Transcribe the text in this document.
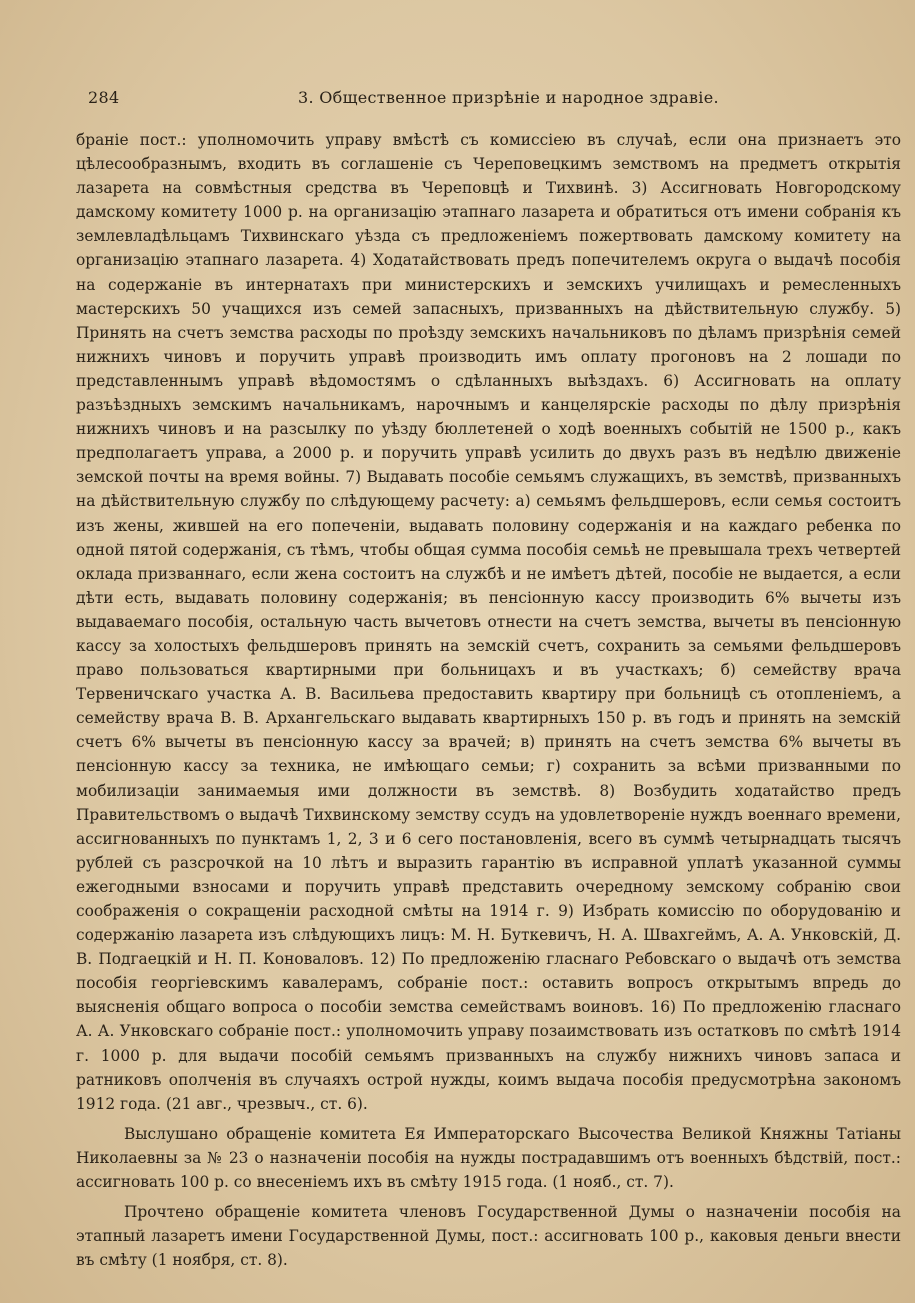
284	3. Общественное призрѣніе и народное здравіе.

браніе пост.: уполномочить управу вмѣстѣ съ комиссіею въ случаѣ, если она признаетъ это цѣлесообразнымъ, входить въ соглашеніе съ Череповецкимъ земствомъ на предметъ открытія лазарета на совмѣстныя средства въ Череповцѣ и Тихвинѣ. 3) Ассигновать Новгородскому дамскому комитету 1000 р. на организацію этапнаго лазарета и обратиться отъ имени собранія къ землевладѣльцамъ Тихвинскаго уѣзда съ предложеніемъ пожертвовать дамскому комитету на организацію этапнаго лазарета. 4) Ходатайствовать предъ попечителемъ округа о выдачѣ пособія на содержаніе въ интернатахъ при министерскихъ и земскихъ училищахъ и ремесленныхъ мастерскихъ 50 учащихся изъ семей запасныхъ, призванныхъ на дѣйствительную службу. 5) Принять на счетъ земства расходы по проѣзду земскихъ начальниковъ по дѣламъ призрѣнія семей нижнихъ чиновъ и поручить управѣ производить имъ оплату прогоновъ на 2 лошади по представленнымъ управѣ вѣдомостямъ о сдѣланныхъ выѣздахъ. 6) Ассигновать на оплату разъѣздныхъ земскимъ начальникамъ, нарочнымъ и канцелярскіе расходы по дѣлу призрѣнія нижнихъ чиновъ и на разсылку по уѣзду бюллетеней о ходѣ военныхъ событій не 1500 р., какъ предполагаетъ управа, а 2000 р. и поручить управѣ усилить до двухъ разъ въ недѣлю движеніе земской почты на время войны. 7) Выдавать пособіе семьямъ служащихъ, въ земствѣ, призванныхъ на дѣйствительную службу по слѣдующему расчету: а) семьямъ фельдшеровъ, если семья состоитъ изъ жены, жившей на его попеченіи, выдавать половину содержанія и на каждаго ребенка по одной пятой содержанія, съ тѣмъ, чтобы общая сумма пособія семьѣ не превышала трехъ четвертей оклада призваннаго, если жена состоитъ на службѣ и не имѣетъ дѣтей, пособіе не выдается, а если дѣти есть, выдавать половину содержанія; въ пенсіонную кассу производить 6% вычеты изъ выдаваемаго пособія, остальную часть вычетовъ отнести на счетъ земства, вычеты въ пенсіонную кассу за холостыхъ фельдшеровъ принять на земскій счетъ, сохранить за семьями фельдшеровъ право пользоваться квартирными при больницахъ и въ участкахъ; б) семейству врача Тервеничскаго участка А. В. Васильева предоставить квартиру при больницѣ съ отопленіемъ, а семейству врача В. В. Архангельскаго выдавать квартирныхъ 150 р. въ годъ и принять на земскій счетъ 6% вычеты въ пенсіонную кассу за врачей; в) принять на счетъ земства 6% вычеты въ пенсіонную кассу за техника, не имѣющаго семьи; г) сохранить за всѣми призванными по мобилизаціи занимаемыя ими должности въ земствѣ. 8) Возбудить ходатайство предъ Правительствомъ о выдачѣ Тихвинскому земству ссудъ на удовлетвореніе нуждъ военнаго времени, ассигнованныхъ по пунктамъ 1, 2, 3 и 6 сего постановленія, всего въ суммѣ четырнадцать тысячъ рублей съ разсрочкой на 10 лѣтъ и выразить гарантію въ исправной уплатѣ указанной суммы ежегодными взносами и поручить управѣ представить очередному земскому собранію свои соображенія о сокращеніи расходной смѣты на 1914 г. 9) Избрать комиссію по оборудованію и содержанію лазарета изъ слѣдующихъ лицъ: М. Н. Буткевичъ, Н. А. Швахгеймъ, А. А. Унковскій, Д. В. Подгаецкій и Н. П. Коноваловъ. 12) По предложенію гласнаго Ребовскаго о выдачѣ отъ земства пособія георгіевскимъ кавалерамъ, собраніе пост.: оставить вопросъ открытымъ впредь до выясненія общаго вопроса о пособіи земства семействамъ воиновъ. 16) По предложенію гласнаго А. А. Унковскаго собраніе пост.: уполномочить управу позаимствовать изъ остатковъ по смѣтѣ 1914 г. 1000 р. для выдачи пособій семьямъ призванныхъ на службу нижнихъ чиновъ запаса и ратниковъ ополченія въ случаяхъ острой нужды, коимъ выдача пособія предусмотрѣна закономъ 1912 года. (21 авг., чрезвыч., ст. 6).

Выслушано обращеніе комитета Ея Императорскаго Высочества Великой Княжны Татіаны Николаевны за № 23 о назначеніи пособія на нужды пострадавшимъ отъ военныхъ бѣдствій, пост.: ассигновать 100 р. со внесеніемъ ихъ въ смѣту 1915 года. (1 нояб., ст. 7).

Прочтено обращеніе комитета членовъ Государственной Думы о назначеніи пособія на этапный лазаретъ имени Государственной Думы, пост.: ассигновать 100 р., каковыя деньги внести въ смѣту (1 ноября, ст. 8).
